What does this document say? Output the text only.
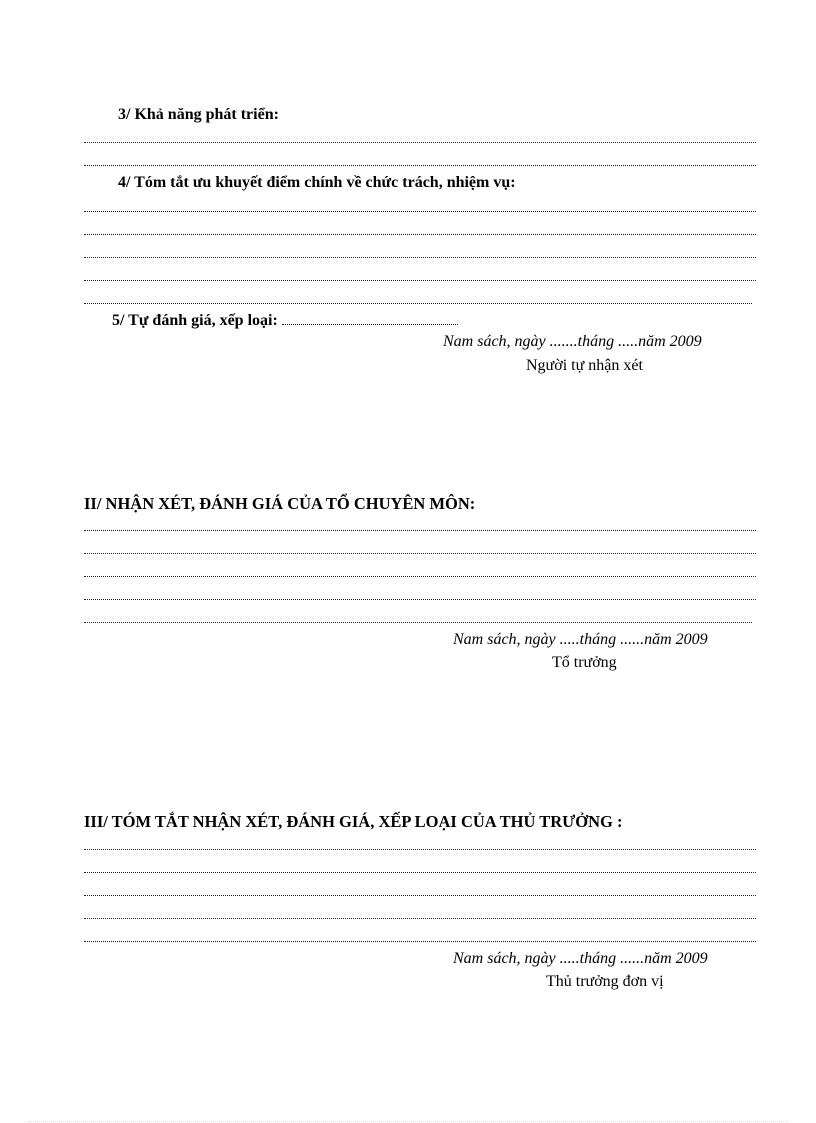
3/ Khả năng phát triển:
4/ Tóm tắt ưu khuyết điểm chính về chức trách, nhiệm vụ:
5/ Tự đánh giá, xếp loại:
Nam sách, ngày .......tháng .....năm 2009
Người tự nhận xét
II/ NHẬN XÉT, ĐÁNH GIÁ CỦA TỔ CHUYÊN MÔN:
Nam sách, ngày .....tháng ......năm 2009
Tổ trưởng
III/ TÓM TẮT NHẬN XÉT, ĐÁNH GIÁ, XẾP LOẠI CỦA THỦ TRƯỞNG :
Nam sách, ngày .....tháng ......năm 2009
Thủ trưởng đơn vị
